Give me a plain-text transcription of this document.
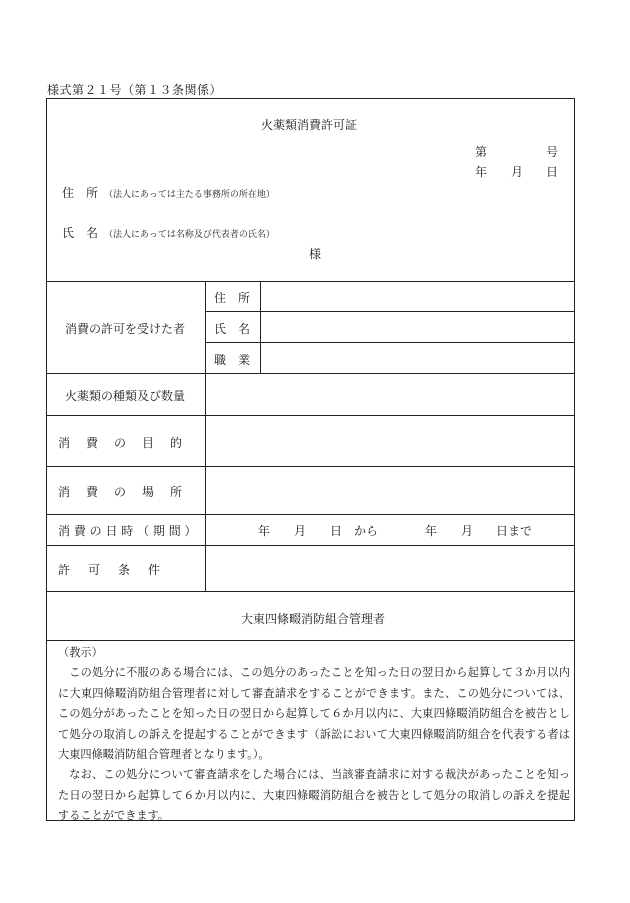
様式第２１号（第１３条関係）
火薬類消費許可証
第	号
年 月 日
住　所 （法人にあっては主たる事務所の所在地）
氏　名 （法人にあっては名称及び代表者の氏名）
様
消費の許可を受けた者
住　所
氏　名
職　業
火薬類の種類及び数量
消　費　の　目　的
消　費　の　場　所
消 費 の 日 時 （ 期 間 ）
許　可　条　件
年 月 日　から	年 月 日まで
大東四條畷消防組合管理者

（教示）

この処分に不服のある場合には、この処分のあったことを知った日の翌日から起算して３か月以内に大東四條畷消防組合管理者に対して審査請求をすることができます。また、この処分については、この処分があったことを知った日の翌日から起算して６か月以内に、大東四條畷消防組合を被告として処分の取消しの訴えを提起することができます（訴訟において大東四條畷消防組合を代表する者は大東四條畷消防組合管理者となります。）。

なお、この処分について審査請求をした場合には、当該審査請求に対する裁決があったことを知った日の翌日から起算して６か月以内に、大東四條畷消防組合を被告として処分の取消しの訴えを提起することができます。
